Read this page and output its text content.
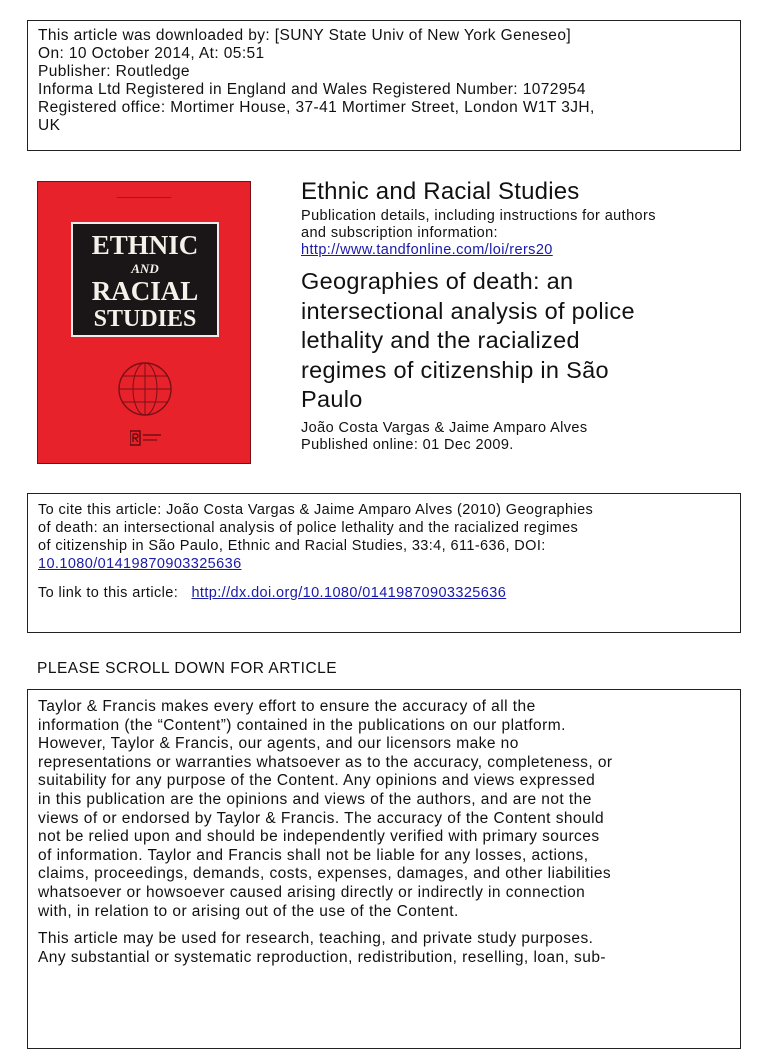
This article was downloaded by: [SUNY State Univ of New York Geneseo]
On: 10 October 2014, At: 05:51
Publisher: Routledge
Informa Ltd Registered in England and Wales Registered Number: 1072954
Registered office: Mortimer House, 37-41 Mortimer Street, London W1T 3JH,
UK
───────────
ETHNIC
AND
RACIAL
STUDIES
Ethnic and Racial Studies
Publication details, including instructions for authors
and subscription information:
http://www.tandfonline.com/loi/rers20
Geographies of death: an
intersectional analysis of police
lethality and the racialized
regimes of citizenship in São
Paulo
João Costa Vargas & Jaime Amparo Alves
Published online: 01 Dec 2009.
To cite this article: João Costa Vargas & Jaime Amparo Alves (2010) Geographies
of death: an intersectional analysis of police lethality and the racialized regimes
of citizenship in São Paulo, Ethnic and Racial Studies, 33:4, 611-636, DOI:
10.1080/01419870903325636
To link to this article: http://dx.doi.org/10.1080/01419870903325636
PLEASE SCROLL DOWN FOR ARTICLE
Taylor & Francis makes every effort to ensure the accuracy of all the
information (the “Content”) contained in the publications on our platform.
However, Taylor & Francis, our agents, and our licensors make no
representations or warranties whatsoever as to the accuracy, completeness, or
suitability for any purpose of the Content. Any opinions and views expressed
in this publication are the opinions and views of the authors, and are not the
views of or endorsed by Taylor & Francis. The accuracy of the Content should
not be relied upon and should be independently verified with primary sources
of information. Taylor and Francis shall not be liable for any losses, actions,
claims, proceedings, demands, costs, expenses, damages, and other liabilities
whatsoever or howsoever caused arising directly or indirectly in connection
with, in relation to or arising out of the use of the Content.
This article may be used for research, teaching, and private study purposes.
Any substantial or systematic reproduction, redistribution, reselling, loan, sub-
